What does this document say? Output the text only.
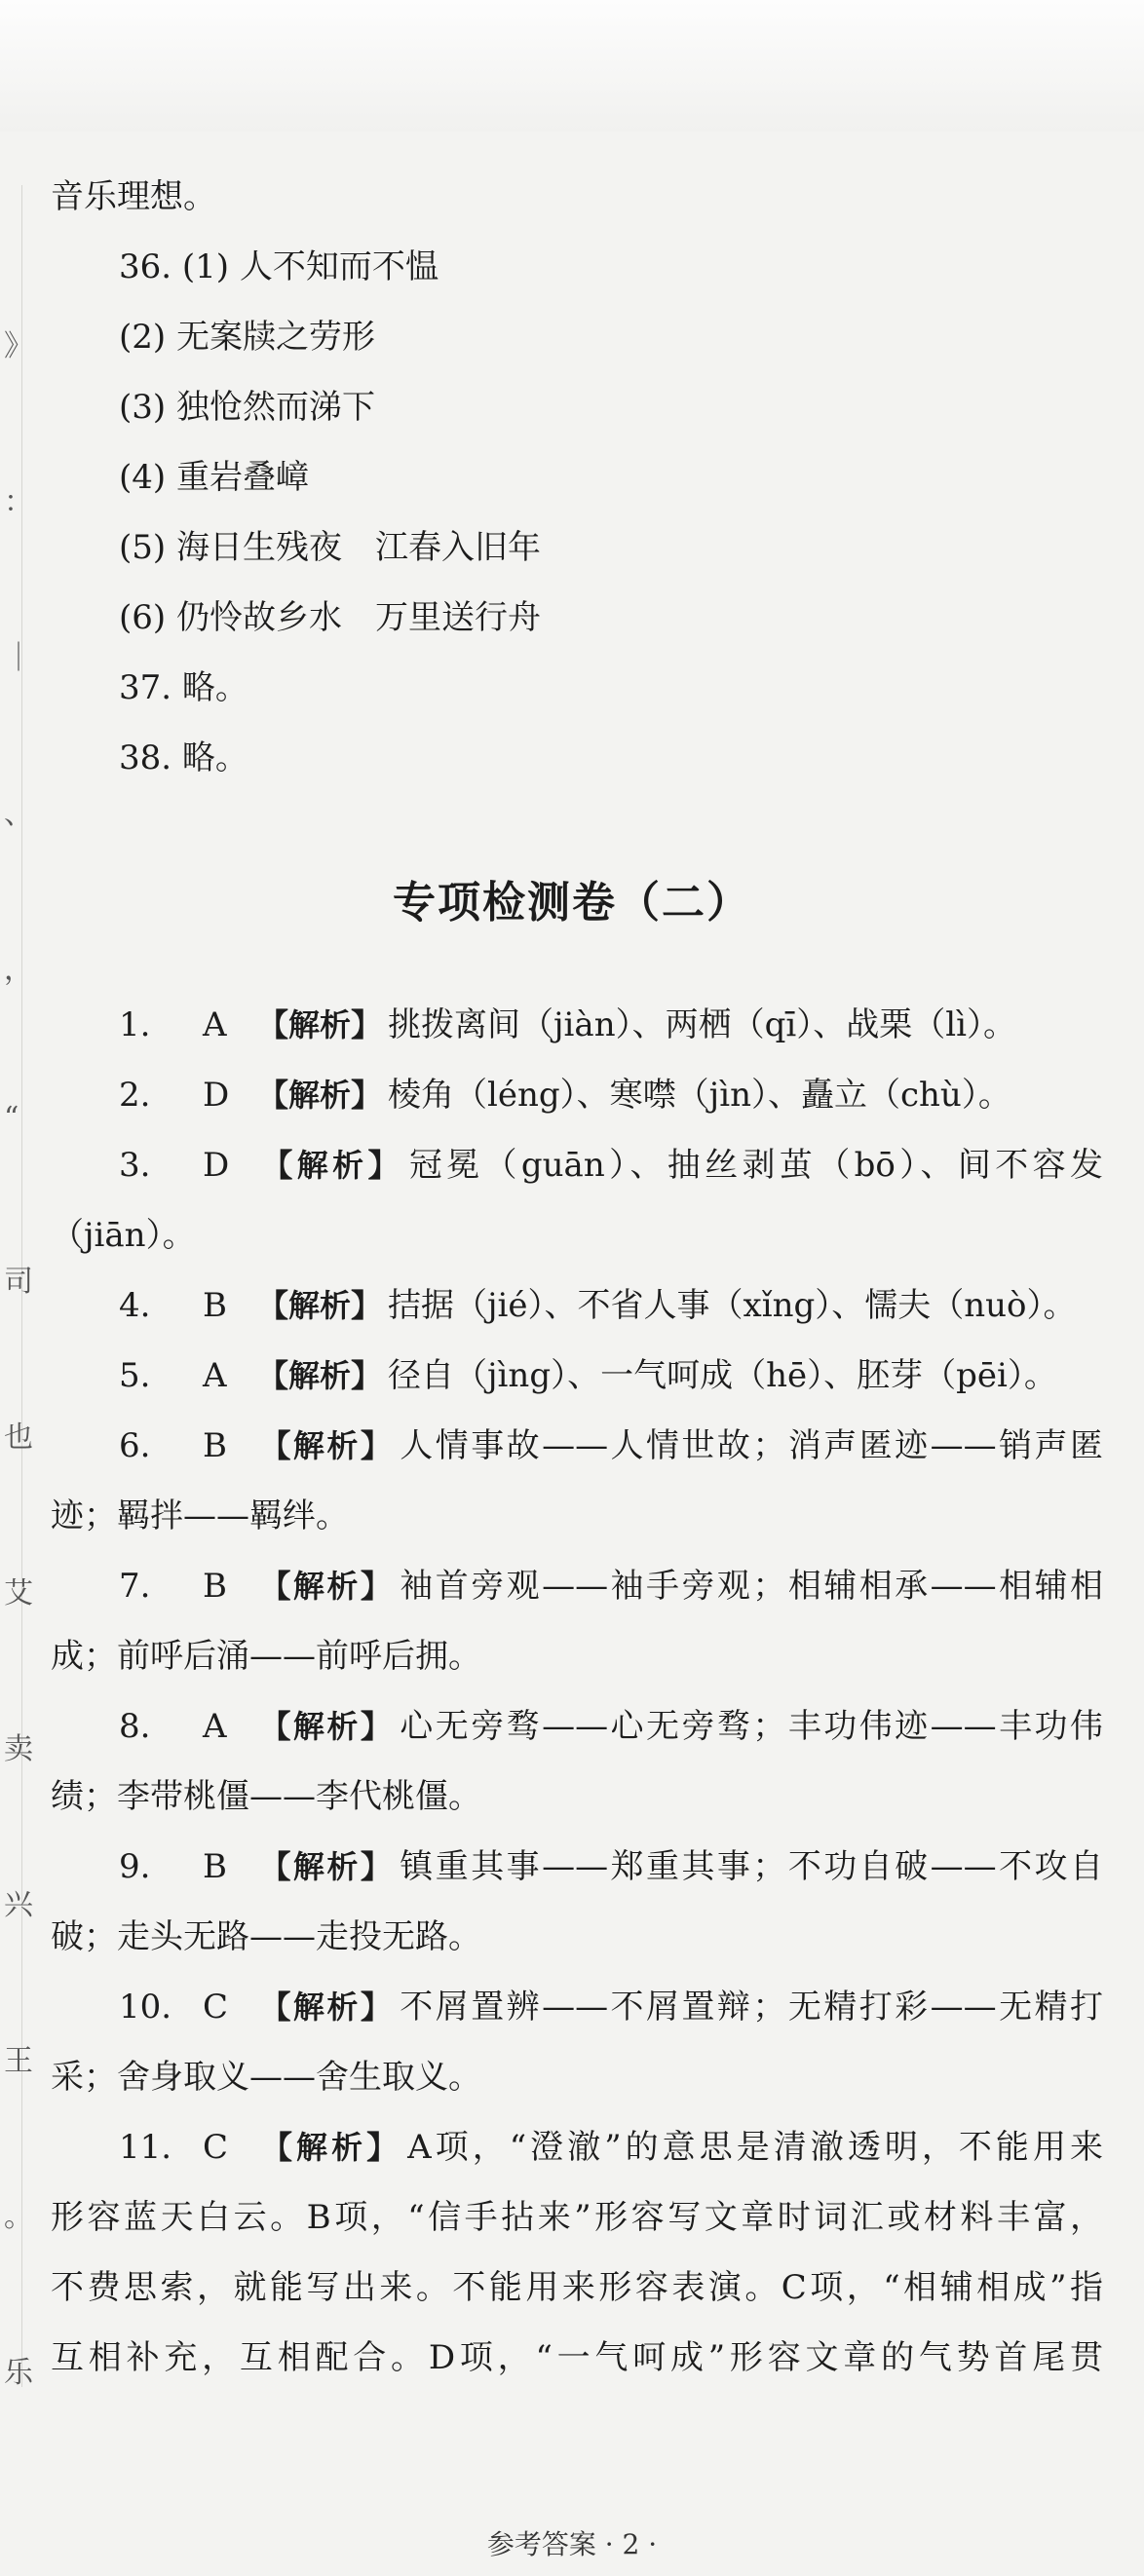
》
：
｜
、
，
“
司
也
艾
卖
兴
王
。
乐
音乐理想。
36. (1) 人不知而不愠
(2) 无案牍之劳形
(3) 独怆然而涕下
(4) 重岩叠嶂
(5) 海日生残夜　江春入旧年
(6) 仍怜故乡水　万里送行舟
37. 略。
38. 略。
专项检测卷（二）
1. A 【解析】 挑拨离间（jiàn）、两栖（qī）、战栗（lì）。
2. D 【解析】 棱角（léng）、寒噤（jìn）、矗立（chù）。
3. D 【解析】 冠冕（guān）、抽丝剥茧（bō）、间不容发
（jiān）。
4. B 【解析】 拮据（jié）、不省人事（xǐng）、懦夫（nuò）。
5. A 【解析】 径自（jìng）、一气呵成（hē）、胚芽（pēi）。
6. B 【解析】 人情事故——人情世故；消声匿迹——销声匿
迹；羁拌——羁绊。
7. B 【解析】 袖首旁观——袖手旁观；相辅相承——相辅相
成；前呼后涌——前呼后拥。
8. A 【解析】 心无旁骛——心无旁骛；丰功伟迹——丰功伟
绩；李带桃僵——李代桃僵。
9. B 【解析】 镇重其事——郑重其事；不功自破——不攻自
破；走头无路——走投无路。
10. C 【解析】 不屑置辨——不屑置辩；无精打彩——无精打
采；舍身取义——舍生取义。
11. C 【解析】 A项，“澄澈”的意思是清澈透明，不能用来
形容蓝天白云。B项，“信手拈来”形容写文章时词汇或材料丰富，
不费思索，就能写出来。不能用来形容表演。C项，“相辅相成”指
互相补充，互相配合。D项，“一气呵成”形容文章的气势首尾贯
参考答案 · 2 ·
